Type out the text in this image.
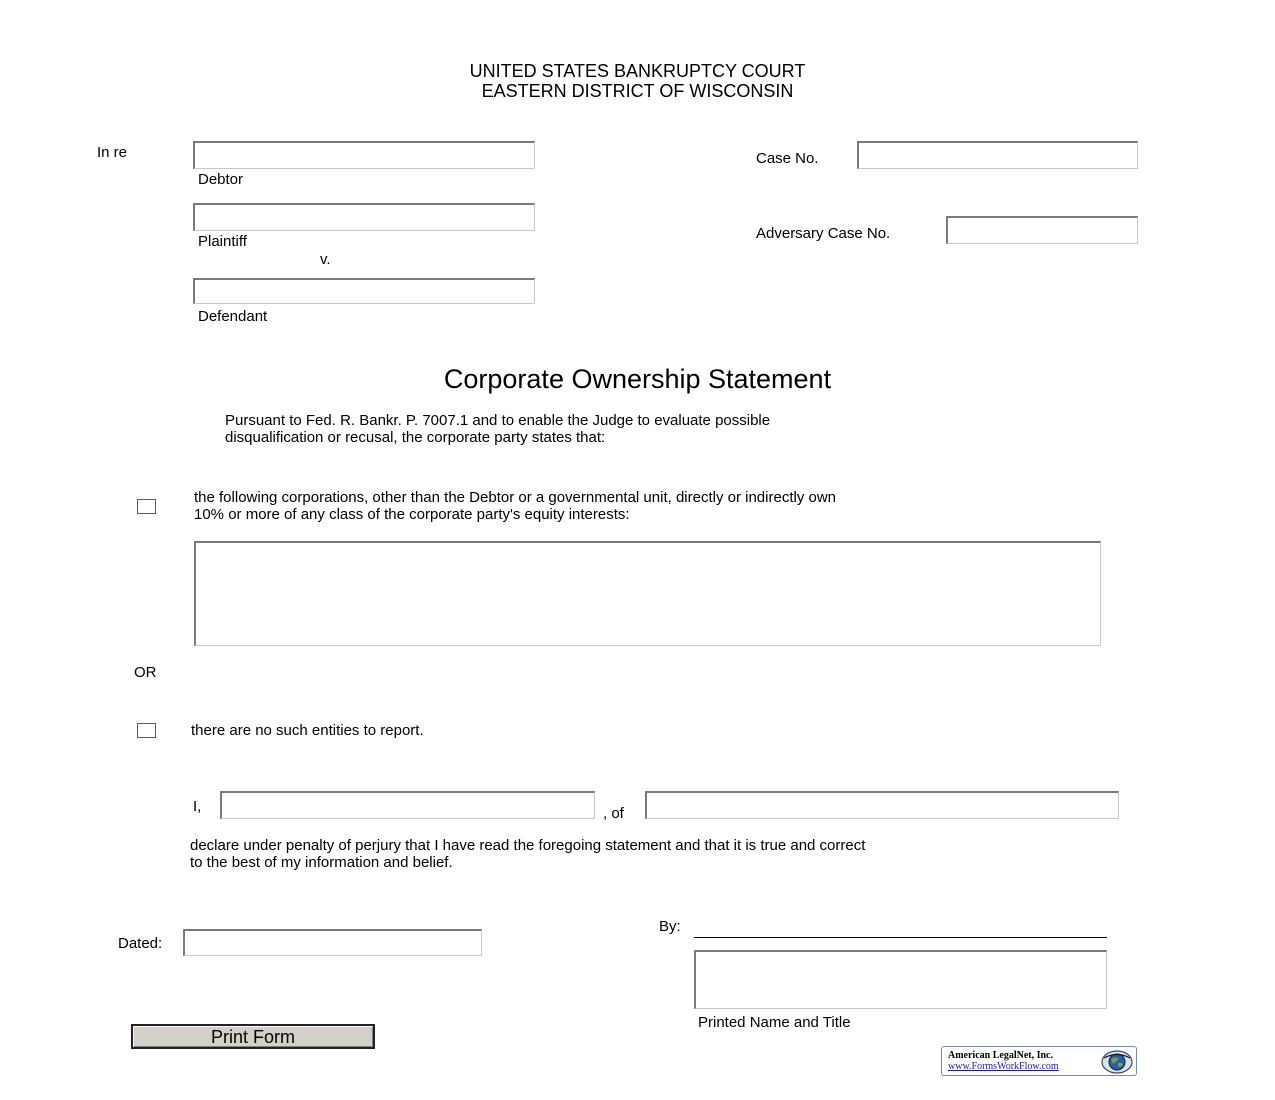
UNITED STATES BANKRUPTCY COURT
EASTERN DISTRICT OF WISCONSIN
In re
Debtor
Plaintiff
v.
Defendant
Case No.
Adversary Case No.
Corporate Ownership Statement
Pursuant to Fed. R. Bankr. P. 7007.1 and to enable the Judge to evaluate possible
disqualification or recusal, the corporate party states that:
the following corporations, other than the Debtor or a governmental unit, directly or indirectly own
10% or more of any class of the corporate party's equity interests:
OR
there are no such entities to report.
I,	, of
declare under penalty of perjury that I have read the foregoing statement and that it is true and correct
to the best of my information and belief.
Dated:
By:
Printed Name and Title
Print Form
American LegalNet, Inc.
www.FormsWorkFlow.com
